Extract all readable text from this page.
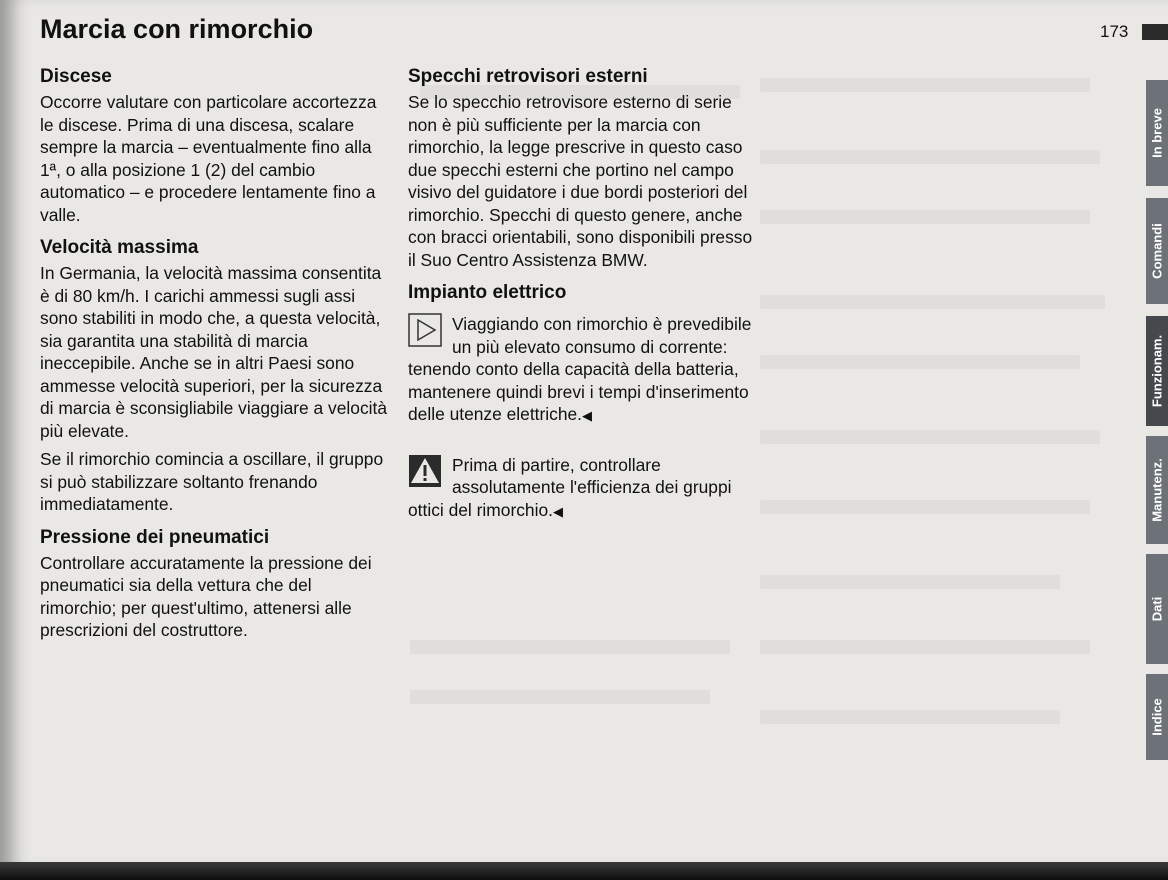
Marcia con rimorchio	173
Discese

Occorre valutare con particolare accortezza le discese. Prima di una discesa, scalare sempre la marcia – eventualmente fino alla 1ª, o alla posizione 1 (2) del cambio automatico – e procedere lentamente fino a valle.

Velocità massima

In Germania, la velocità massima consentita è di 80 km/h. I carichi ammessi sugli assi sono stabiliti in modo che, a questa velocità, sia garantita una stabilità di marcia ineccepibile. Anche se in altri Paesi sono ammesse velocità superiori, per la sicurezza di marcia è sconsigliabile viaggiare a velocità più elevate.

Se il rimorchio comincia a oscillare, il gruppo si può stabilizzare soltanto frenando immediatamente.

Pressione dei pneumatici

Controllare accuratamente la pressione dei pneumatici sia della vettura che del rimorchio; per quest'ultimo, attenersi alle prescrizioni del costruttore.

Specchi retrovisori esterni

Se lo specchio retrovisore esterno di serie non è più sufficiente per la marcia con rimorchio, la legge prescrive in questo caso due specchi esterni che portino nel campo visivo del guidatore i due bordi posteriori del rimorchio. Specchi di questo genere, anche con bracci orientabili, sono disponibili presso il Suo Centro Assistenza BMW.

Impianto elettrico

Viaggiando con rimorchio è prevedibile un più elevato consumo di corrente: tenendo conto della capacità della batteria, mantenere quindi brevi i tempi d'inserimento delle utenze elettriche.◀

Prima di partire, controllare assolutamente l'efficienza dei gruppi ottici del rimorchio.◀

In breve
Comandi
Funzionam.
Manutenz.
Dati
Indice
